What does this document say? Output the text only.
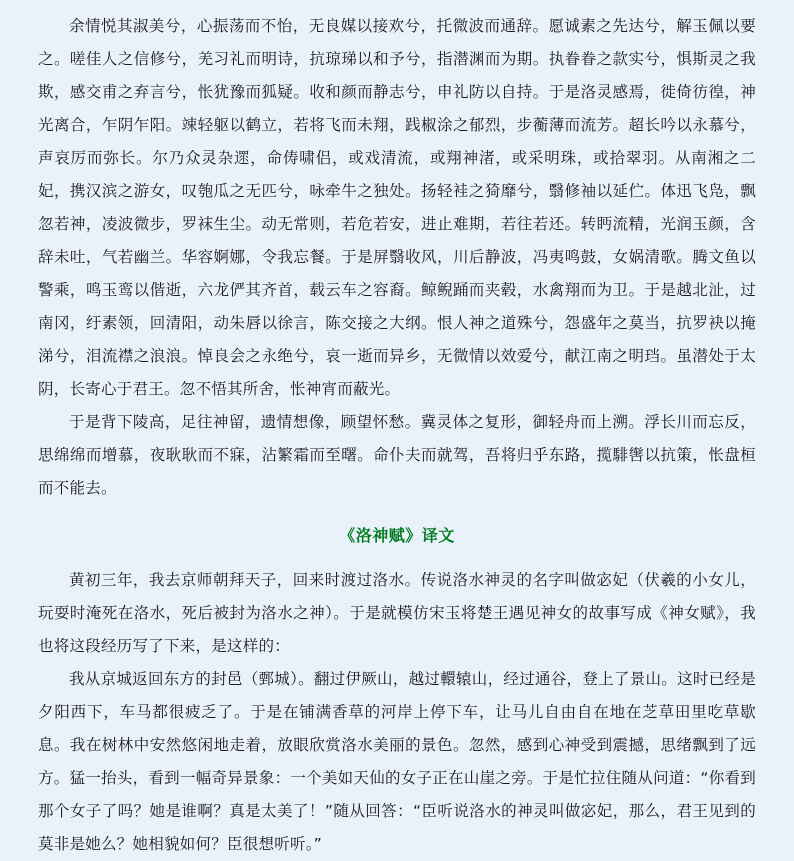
余情悦其淑美兮，心振荡而不怡，无良媒以接欢兮，托微波而通辞。愿诚素之先达兮，解玉佩以要之。嗟佳人之信修兮，羌习礼而明诗，抗琼珶以和予兮，指潜渊而为期。执眷眷之款实兮，惧斯灵之我欺，感交甫之弃言兮，怅犹豫而狐疑。收和颜而静志兮，申礼防以自持。于是洛灵感焉，徙倚彷徨，神光离合，乍阴乍阳。竦轻躯以鹤立，若将飞而未翔，践椒涂之郁烈，步蘅薄而流芳。超长吟以永慕兮，声哀厉而弥长。尔乃众灵杂遝，命俦啸侣，或戏清流，或翔神渚，或采明珠，或拾翠羽。从南湘之二妃，携汉滨之游女，叹匏瓜之无匹兮，咏牵牛之独处。扬轻袿之猗靡兮，翳修袖以延伫。体迅飞凫，飘忽若神，凌波微步，罗袜生尘。动无常则，若危若安，进止难期，若往若还。转眄流精，光润玉颜，含辞未吐，气若幽兰。华容婀娜，令我忘餐。于是屏翳收风，川后静波，冯夷鸣鼓，女娲清歌。腾文鱼以警乘，鸣玉鸾以偕逝，六龙俨其齐首，载云车之容裔。鲸鲵踊而夹毂，水禽翔而为卫。于是越北沚，过南冈，纡素领，回清阳，动朱唇以徐言，陈交接之大纲。恨人神之道殊兮，怨盛年之莫当，抗罗袂以掩涕兮，泪流襟之浪浪。悼良会之永绝兮，哀一逝而异乡，无微情以效爱兮，献江南之明珰。虽潜处于太阴，长寄心于君王。忽不悟其所舍，怅神宵而蔽光。

于是背下陵高，足往神留，遗情想像，顾望怀愁。冀灵体之复形，御轻舟而上溯。浮长川而忘反，思绵绵而增慕，夜耿耿而不寐，沾繁霜而至曙。命仆夫而就驾，吾将归乎东路，揽騑辔以抗策，怅盘桓而不能去。

《洛神赋》译文

黄初三年，我去京师朝拜天子，回来时渡过洛水。传说洛水神灵的名字叫做宓妃（伏羲的小女儿，玩耍时淹死在洛水，死后被封为洛水之神）。于是就模仿宋玉将楚王遇见神女的故事写成《神女赋》，我也将这段经历写了下来，是这样的：

我从京城返回东方的封邑（鄄城）。翻过伊厥山，越过轘辕山，经过通谷，登上了景山。这时已经是夕阳西下，车马都很疲乏了。于是在铺满香草的河岸上停下车，让马儿自由自在地在芝草田里吃草歇息。我在树林中安然悠闲地走着，放眼欣赏洛水美丽的景色。忽然，感到心神受到震撼，思绪飘到了远方。猛一抬头，看到一幅奇异景象：一个美如天仙的女子正在山崖之旁。于是忙拉住随从问道：“你看到那个女子了吗？她是谁啊？真是太美了！”随从回答：“臣听说洛水的神灵叫做宓妃，那么，君王见到的莫非是她么？她相貌如何？臣很想听听。”
